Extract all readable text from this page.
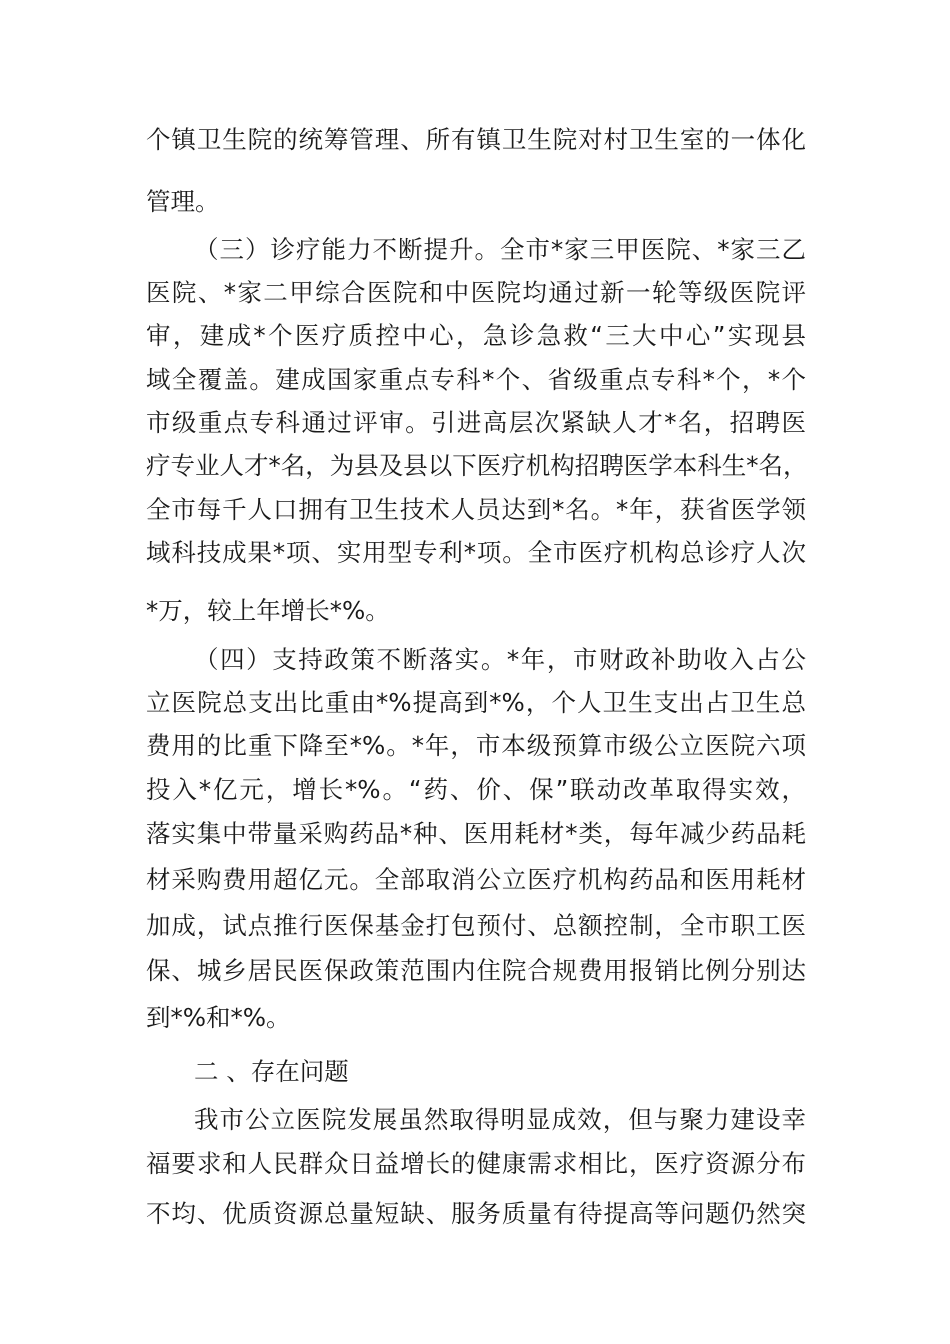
个镇卫生院的统筹管理、所有镇卫生院对村卫生室的一体化
管理。
（三）诊疗能力不断提升。全市*家三甲医院、*家三乙
医院、*家二甲综合医院和中医院均通过新一轮等级医院评
审，建成*个医疗质控中心，急诊急救“三大中心”实现县
域全覆盖。建成国家重点专科*个、省级重点专科*个，*个
市级重点专科通过评审。引进高层次紧缺人才*名，招聘医
疗专业人才*名，为县及县以下医疗机构招聘医学本科生*名，
全市每千人口拥有卫生技术人员达到*名。*年，获省医学领
域科技成果*项、实用型专利*项。全市医疗机构总诊疗人次
*万，较上年增长*%。
（四）支持政策不断落实。*年，市财政补助收入占公
立医院总支出比重由*%提高到*%，个人卫生支出占卫生总
费用的比重下降至*%。*年，市本级预算市级公立医院六项
投入*亿元，增长*%。“药、价、保”联动改革取得实效，
落实集中带量采购药品*种、医用耗材*类，每年减少药品耗
材采购费用超亿元。全部取消公立医疗机构药品和医用耗材
加成，试点推行医保基金打包预付、总额控制，全市职工医
保、城乡居民医保政策范围内住院合规费用报销比例分别达
到*%和*%。
二 、存在问题
我市公立医院发展虽然取得明显成效，但与聚力建设幸
福要求和人民群众日益增长的健康需求相比，医疗资源分布
不均、优质资源总量短缺、服务质量有待提高等问题仍然突
